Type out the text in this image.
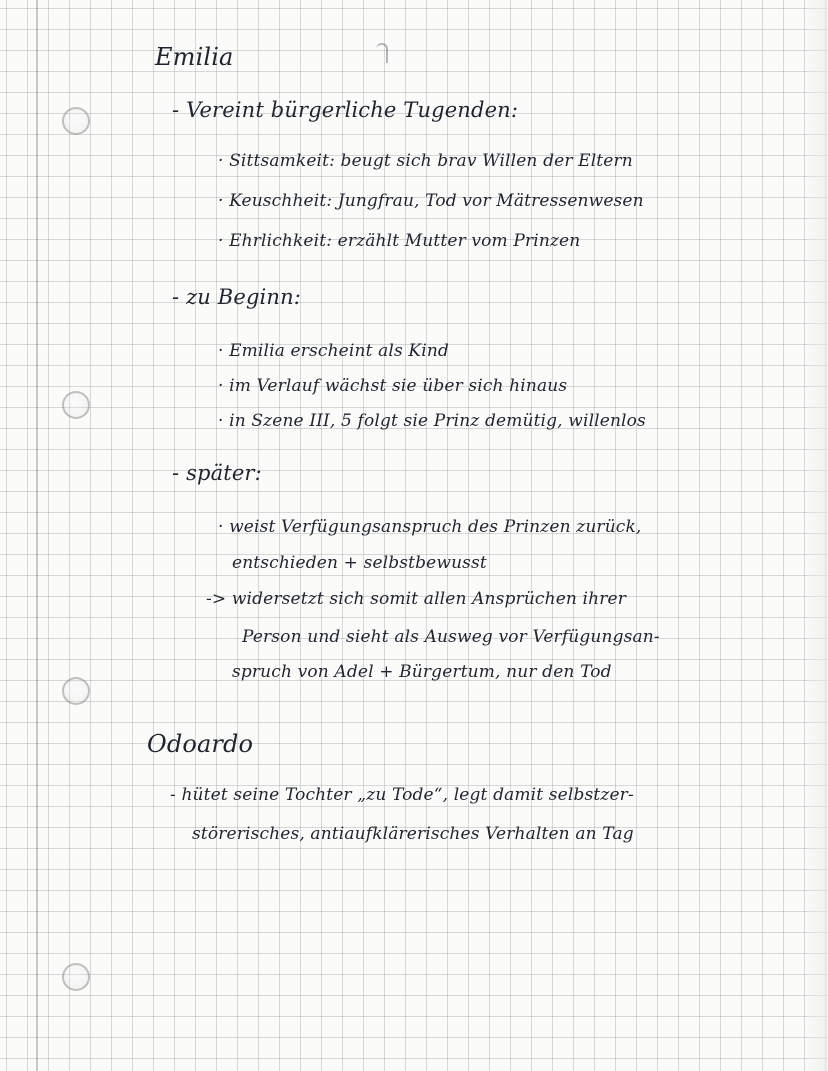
Emilia

- Vereint bürgerliche Tugenden:

· Sittsamkeit: beugt sich brav Willen der Eltern

· Keuschheit: Jungfrau, Tod vor Mätressenwesen

· Ehrlichkeit: erzählt Mutter vom Prinzen

- zu Beginn:

· Emilia erscheint als Kind

· im Verlauf wächst sie über sich hinaus

· in Szene III, 5 folgt sie Prinz demütig, willenlos

- später:

· weist Verfügungsanspruch des Prinzen zurück,

entschieden + selbstbewusst

-> widersetzt sich somit allen Ansprüchen ihrer

Person und sieht als Ausweg vor Verfügungsan-

spruch von Adel + Bürgertum, nur den Tod

Odoardo

- hütet seine Tochter „zu Tode“, legt damit selbstzer-

störerisches, antiaufklärerisches Verhalten an Tag
